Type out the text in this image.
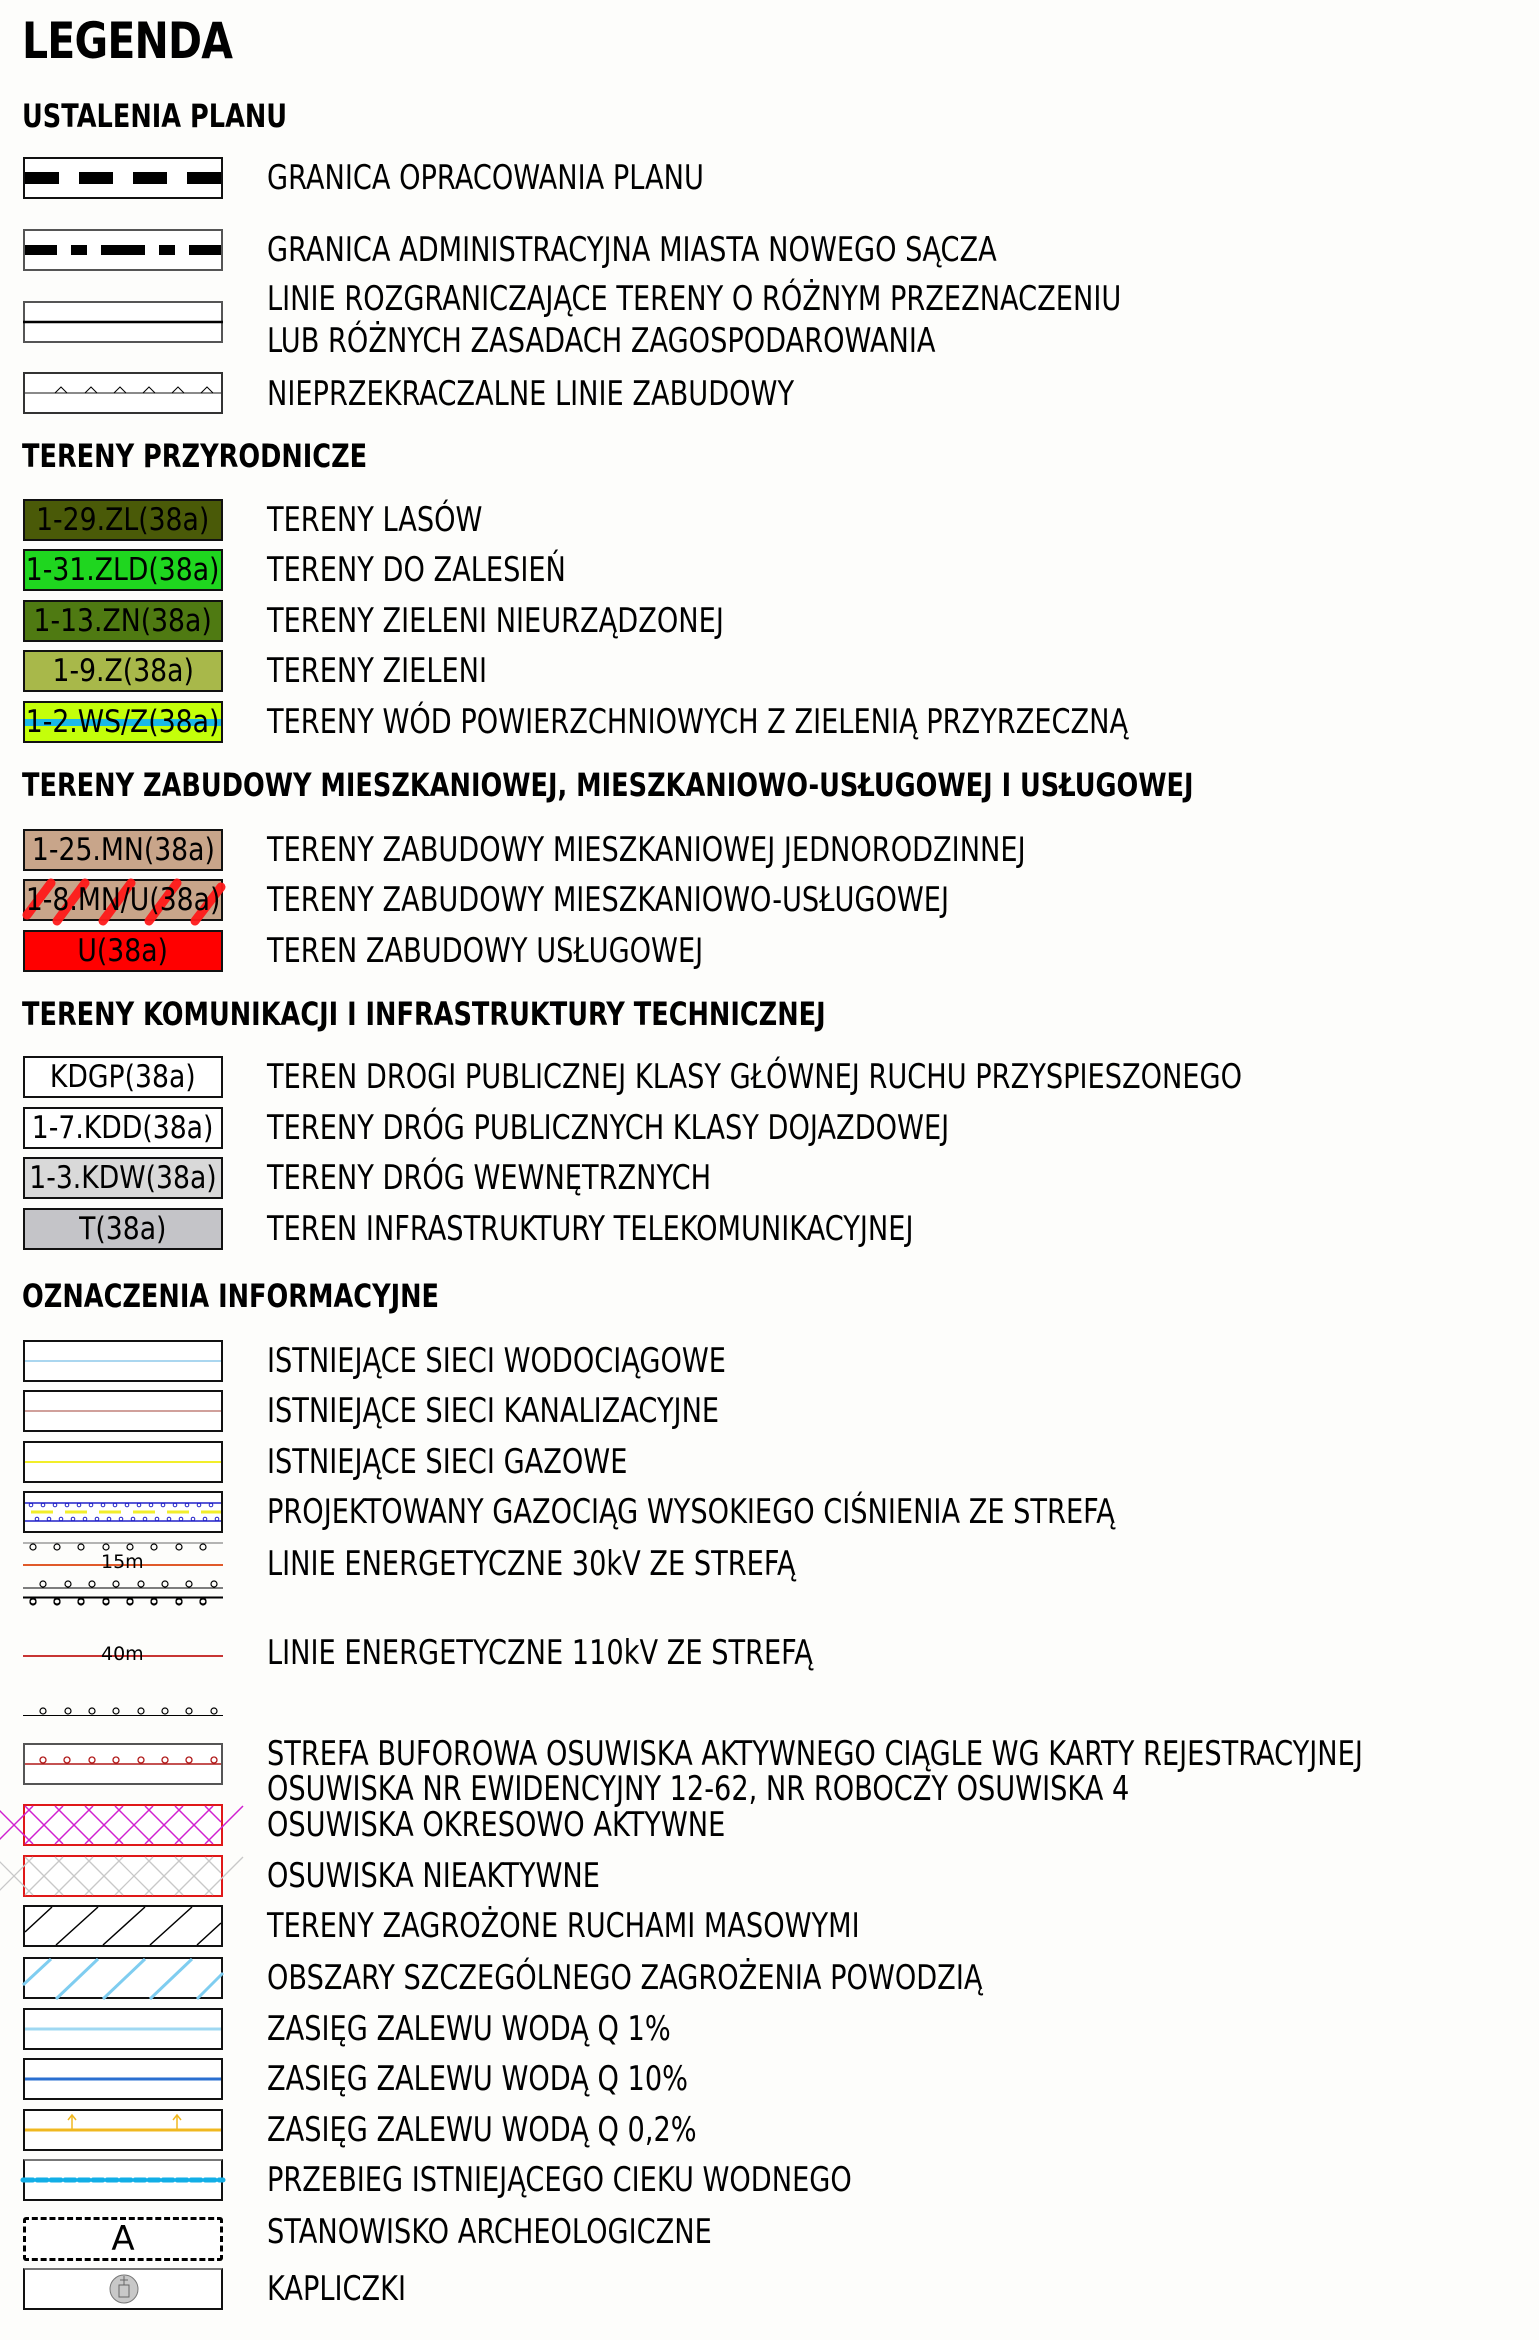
LEGENDA
USTALENIA PLANU
GRANICA OPRACOWANIA PLANU
GRANICA ADMINISTRACYJNA MIASTA NOWEGO SĄCZA
LINIE ROZGRANICZAJĄCE TERENY O RÓŻNYM PRZEZNACZENIU
LUB RÓŻNYCH ZASADACH ZAGOSPODAROWANIA
NIEPRZEKRACZALNE LINIE ZABUDOWY
TERENY PRZYRODNICZE
1-29.ZL(38a) TERENY LASÓW
1-31.ZLD(38a) TERENY DO ZALESIEŃ
1-13.ZN(38a) TERENY ZIELENI NIEURZĄDZONEJ
1-9.Z(38a) TERENY ZIELENI
1-2.WS/Z(38a) TERENY WÓD POWIERZCHNIOWYCH Z ZIELENIĄ PRZYRZECZNĄ
TERENY ZABUDOWY MIESZKANIOWEJ, MIESZKANIOWO-USŁUGOWEJ I USŁUGOWEJ
1-25.MN(38a) TERENY ZABUDOWY MIESZKANIOWEJ JEDNORODZINNEJ
1-8.MN/U(38a) TERENY ZABUDOWY MIESZKANIOWO-USŁUGOWEJ
U(38a)	TEREN ZABUDOWY USŁUGOWEJ
TERENY KOMUNIKACJI I INFRASTRUKTURY TECHNICZNEJ
KDGP(38a) TEREN DROGI PUBLICZNEJ KLASY GŁÓWNEJ RUCHU PRZYSPIESZONEGO
1-7.KDD(38a) TERENY DRÓG PUBLICZNYCH KLASY DOJAZDOWEJ
1-3.KDW(38a) TERENY DRÓG WEWNĘTRZNYCH
T(38a)	TEREN INFRASTRUKTURY TELEKOMUNIKACYJNEJ
OZNACZENIA INFORMACYJNE
ISTNIEJĄCE SIECI WODOCIĄGOWE
ISTNIEJĄCE SIECI KANALIZACYJNE
ISTNIEJĄCE SIECI GAZOWE
PROJEKTOWANY GAZOCIĄG WYSOKIEGO CIŚNIENIA ZE STREFĄ
15m	LINIE ENERGETYCZNE 30kV ZE STREFĄ
40m	LINIE ENERGETYCZNE 110kV ZE STREFĄ
STREFA BUFOROWA OSUWISKA AKTYWNEGO CIĄGLE WG KARTY REJESTRACYJNEJ
OSUWISKA NR EWIDENCYJNY 12-62, NR ROBOCZY OSUWISKA 4
OSUWISKA OKRESOWO AKTYWNE
OSUWISKA NIEAKTYWNE
TERENY ZAGROŻONE RUCHAMI MASOWYMI
OBSZARY SZCZEGÓLNEGO ZAGROŻENIA POWODZIĄ
ZASIĘG ZALEWU WODĄ Q 1%
ZASIĘG ZALEWU WODĄ Q 10%
ZASIĘG ZALEWU WODĄ Q 0,2%
PRZEBIEG ISTNIEJĄCEGO CIEKU WODNEGO
A	STANOWISKO ARCHEOLOGICZNE
KAPLICZKI
